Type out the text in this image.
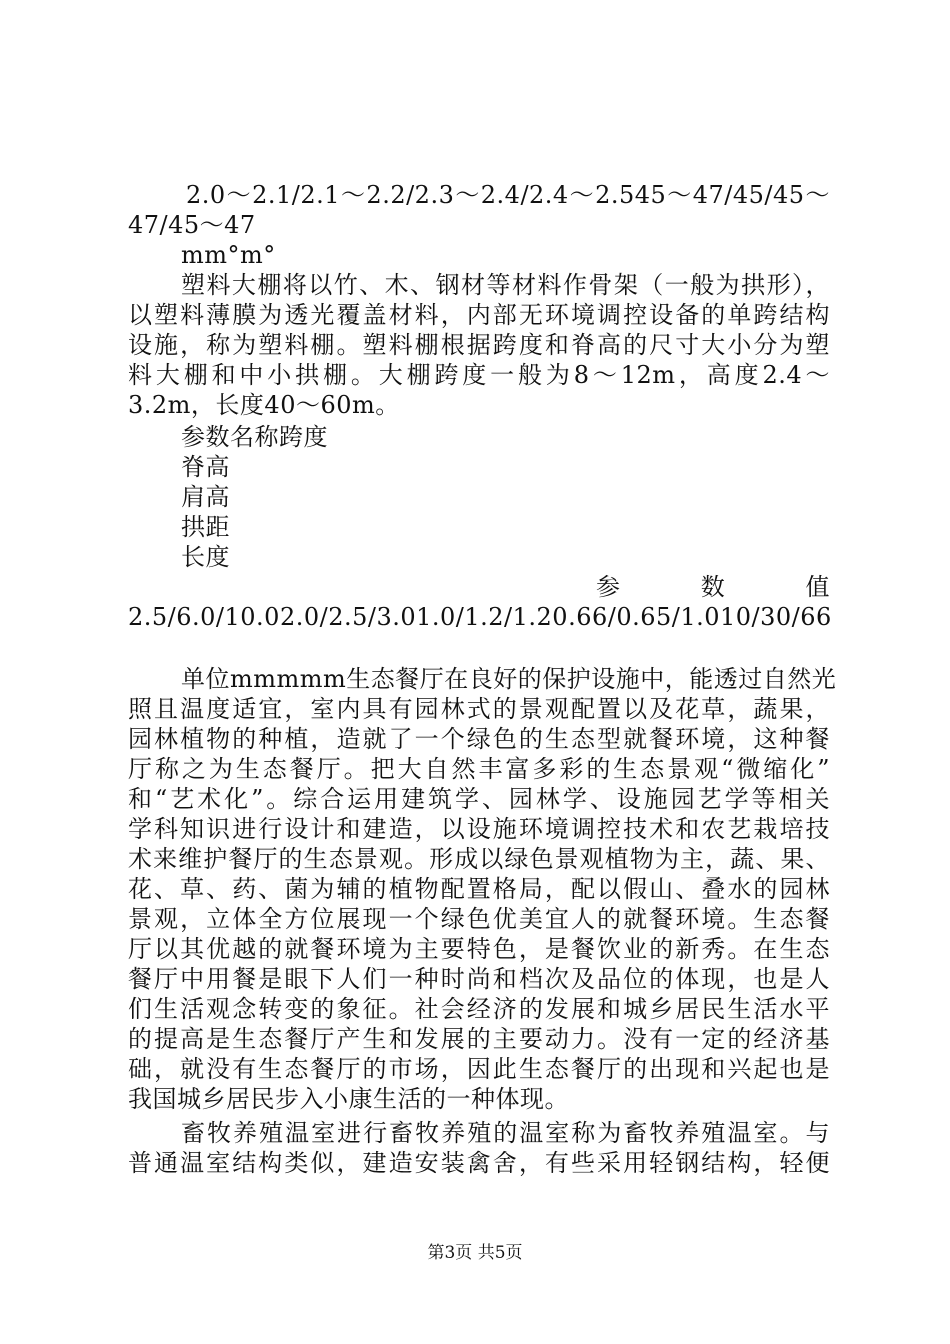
2.0～2.1/2.1～2.2/2.3～2.4/2.4～2.545～47/45/45～
47/45～47
mm°m°
塑料大棚将以竹、木、钢材等材料作骨架（一般为拱形），
以塑料薄膜为透光覆盖材料，内部无环境调控设备的单跨结构
设施，称为塑料棚。塑料棚根据跨度和脊高的尺寸大小分为塑
料大棚和中小拱棚。大棚跨度一般为8～12m，高度2.4～
3.2m，长度40～60m。
参数名称跨度
脊高
肩高
拱距
长度
参 数 值
2.5/6.0/10.02.0/2.5/3.01.0/1.2/1.20.66/0.65/1.010/30/66
单位mmmmm生态餐厅在良好的保护设施中，能透过自然光
照且温度适宜，室内具有园林式的景观配置以及花草，蔬果，
园林植物的种植，造就了一个绿色的生态型就餐环境，这种餐
厅称之为生态餐厅。把大自然丰富多彩的生态景观“微缩化”
和“艺术化”。综合运用建筑学、园林学、设施园艺学等相关
学科知识进行设计和建造，以设施环境调控技术和农艺栽培技
术来维护餐厅的生态景观。形成以绿色景观植物为主，蔬、果、
花、草、药、菌为辅的植物配置格局，配以假山、叠水的园林
景观，立体全方位展现一个绿色优美宜人的就餐环境。生态餐
厅以其优越的就餐环境为主要特色，是餐饮业的新秀。在生态
餐厅中用餐是眼下人们一种时尚和档次及品位的体现，也是人
们生活观念转变的象征。社会经济的发展和城乡居民生活水平
的提高是生态餐厅产生和发展的主要动力。没有一定的经济基
础，就没有生态餐厅的市场，因此生态餐厅的出现和兴起也是
我国城乡居民步入小康生活的一种体现。
畜牧养殖温室进行畜牧养殖的温室称为畜牧养殖温室。与
普通温室结构类似，建造安装禽舍，有些采用轻钢结构，轻便
第3页 共5页
